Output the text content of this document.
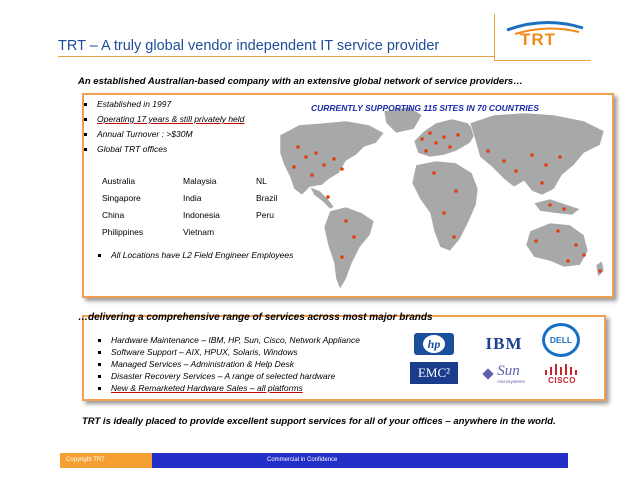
TRT – A truly global vendor independent IT service provider	TRT
An established Australian-based company with an extensive global network of service providers…
Established in 1997
Operating 17 years & still privately held
Annual Turnover : >$30M
Global TRT offices
CURRENTLY SUPPORTING 115 SITES IN 70 COUNTRIES
Australia	Malaysia	NL
Singapore	India	Brazil
China	Indonesia	Peru
Philippines	Vietnam
All Locations have L2 Field Engineer Employees
Hardware Maintenance – IBM, HP, Sun, Cisco, Network Appliance
Software Support – AIX, HPUX, Solaris, Windows
Managed Services – Administration & Help Desk
Disaster Recovery Services – A range of selected hardware
New & Remarketed Hardware Sales – all platforms
hp	IBM	DELL
EMC²	Sun
microsystems	CISCO
…delivering a comprehensive range of services across most major brands
TRT is ideally placed to provide excellent support services for all of your offices – anywhere in the world.
Copyright TRT	Commercial in Confidence
